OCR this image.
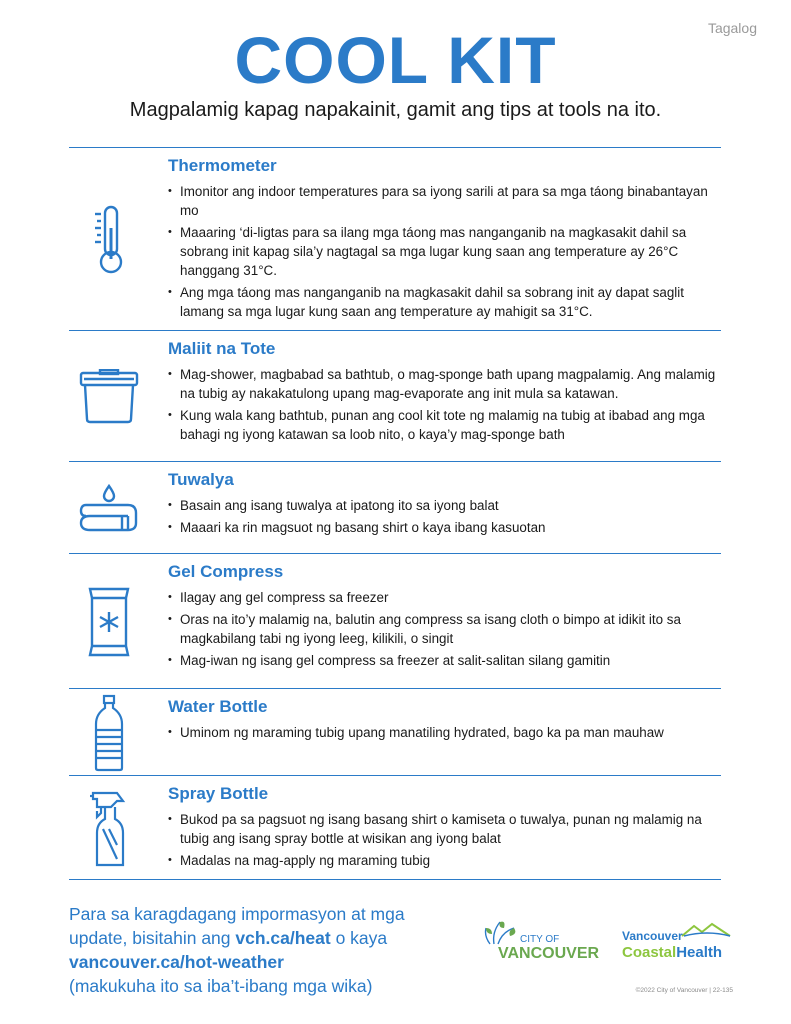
Tagalog
COOL KIT

Magpalamig kapag napakainit, gamit ang tips at tools na ito.

Thermometer
• Imonitor ang indoor temperatures para sa iyong sarili at para sa mga táong binabantayan mo
• Maaaring ‘di-ligtas para sa ilang mga táong mas nanganganib na magkasakit dahil sa sobrang init kapag sila’y nagtagal sa mga lugar kung saan ang temperature ay 26°C hanggang 31°C.
• Ang mga táong mas nanganganib na magkasakit dahil sa sobrang init ay dapat saglit lamang sa mga lugar kung saan ang temperature ay mahigit sa 31°C.
Maliit na Tote
• Mag-shower, magbabad sa bathtub, o mag-sponge bath upang magpalamig. Ang malamig na tubig ay nakakatulong upang mag-evaporate ang init mula sa katawan.
• Kung wala kang bathtub, punan ang cool kit tote ng malamig na tubig at ibabad ang mga bahagi ng iyong katawan sa loob nito, o kaya’y mag-sponge bath
Tuwalya
• Basain ang isang tuwalya at ipatong ito sa iyong balat
• Maaari ka rin magsuot ng basang shirt o kaya ibang kasuotan
Gel Compress
• Ilagay ang gel compress sa freezer
• Oras na ito’y malamig na, balutin ang compress sa isang cloth o bimpo at idikit ito sa magkabilang tabi ng iyong leeg, kilikili, o singit
• Mag-iwan ng isang gel compress sa freezer at salit-salitan silang gamitin
Water Bottle
• Uminom ng maraming tubig upang manatiling hydrated, bago ka pa man mauhaw
Spray Bottle
• Bukod pa sa pagsuot ng isang basang shirt o kamiseta o tuwalya, punan ng malamig na tubig ang isang spray bottle at wisikan ang iyong balat
• Madalas na mag-apply ng maraming tubig
Para sa karagdagang impormasyon at mga update, bisitahin ang vch.ca/heat o kaya
vancouver.ca/hot-weather
(makukuha ito sa iba’t-ibang mga wika)
CITY OF
VANCOUVER
Vancouver
CoastalHealth
©2022 City of Vancouver | 22-135
